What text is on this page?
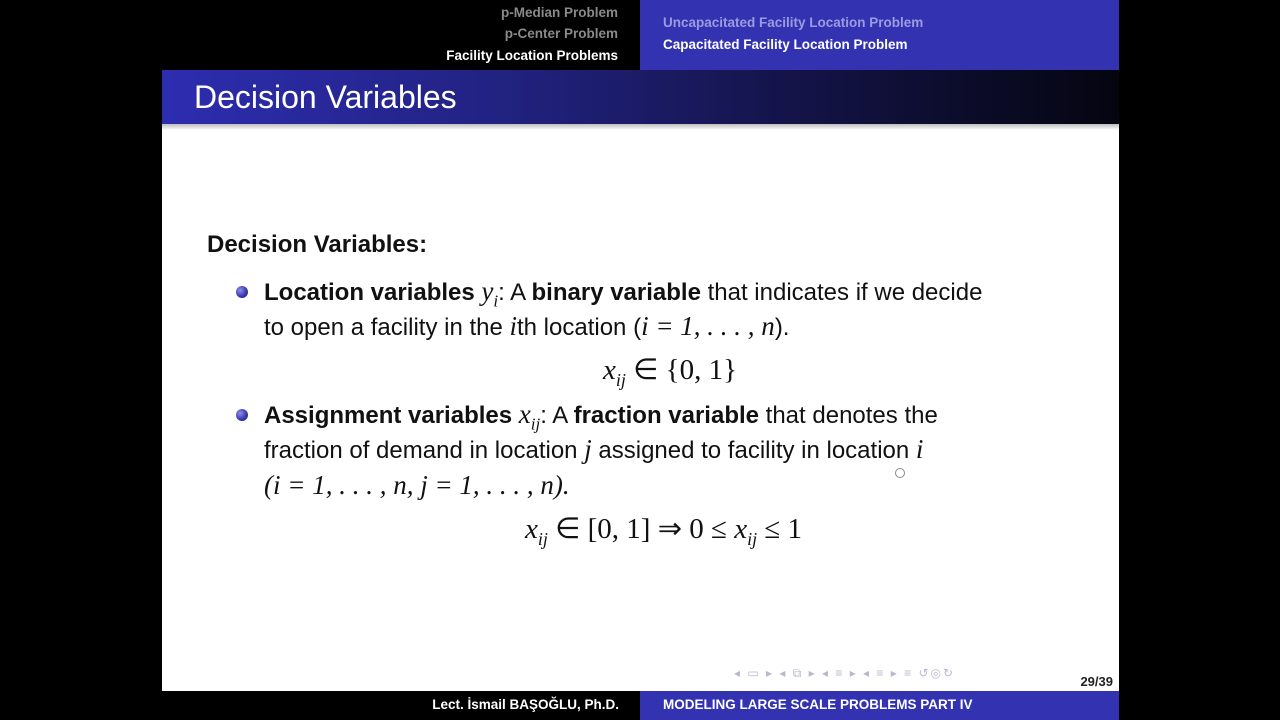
p-Median Problem
p-Center Problem
Facility Location Problems
Uncapacitated Facility Location Problem
Capacitated Facility Location Problem
Decision Variables
Decision Variables:
Location variables $y_i$: A binary variable that indicates if we decide
to open a facility in the ith location (i = 1, . . . , n).
$x_{ij}$ ∈ {0, 1}
Assignment variables $x_{ij}$: A fraction variable that denotes the
fraction of demand in location j assigned to facility in location i
(i = 1, . . . , n, j = 1, . . . , n).
$x_{ij}$ ∈ [0, 1] ⇒ $0 \le x_{ij} \le 1$
◂ ▭ ▸ ◂ ⧉ ▸ ◂ ≡ ▸ ◂ ≡ ▸ ≡ ↺◎↻
29/39
Lect. İsmail BAŞOĞLU, Ph.D.	MODELING LARGE SCALE PROBLEMS PART IV
